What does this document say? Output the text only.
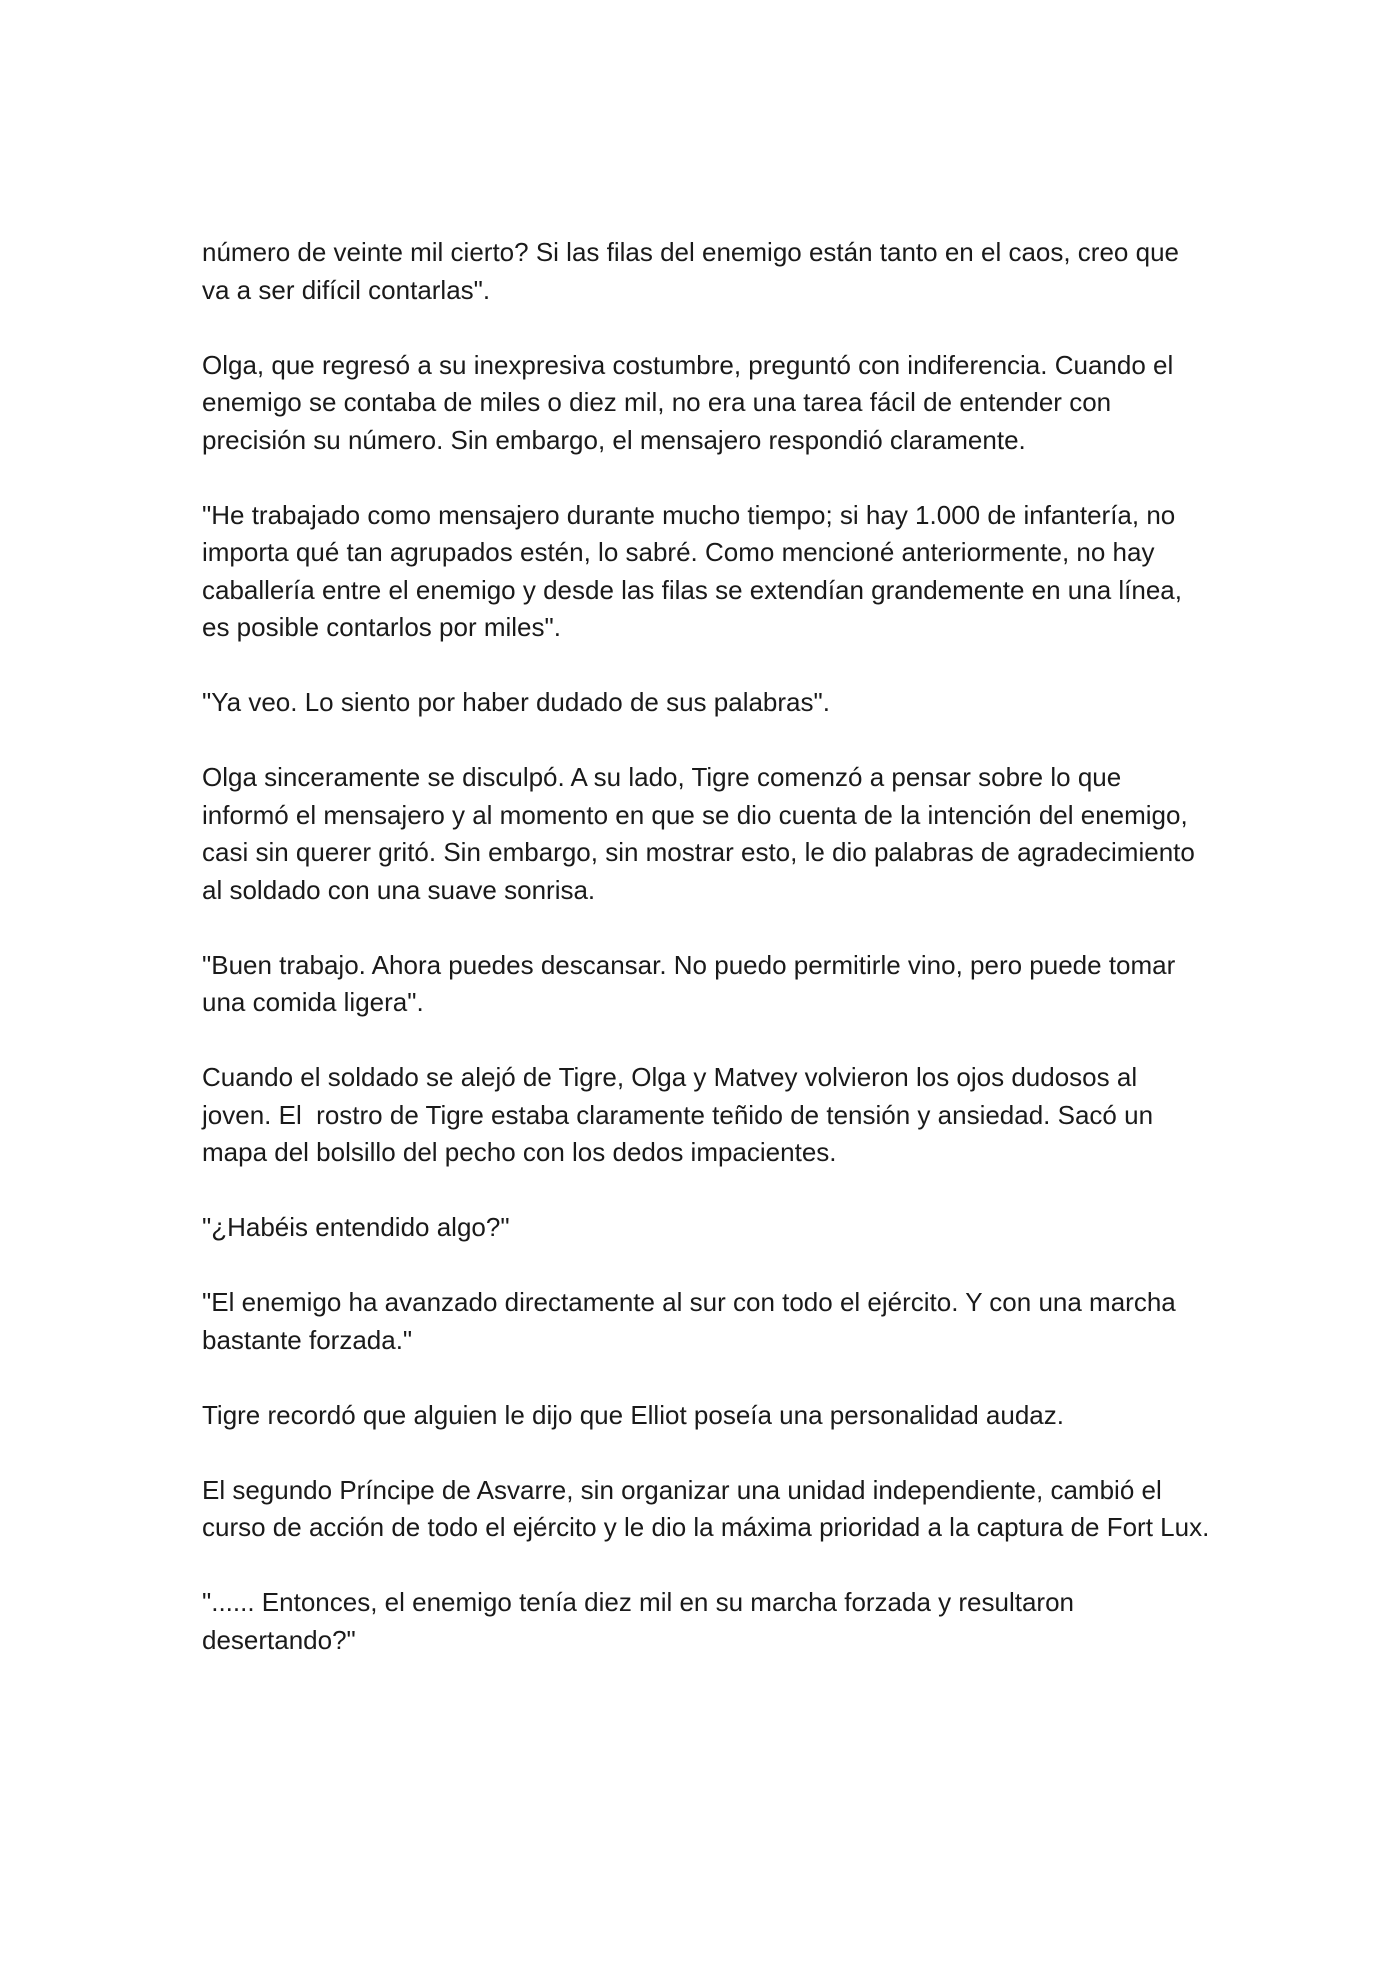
número de veinte mil cierto? Si las filas del enemigo están tanto en el caos, creo que va a ser difícil contarlas".

Olga, que regresó a su inexpresiva costumbre, preguntó con indiferencia. Cuando el enemigo se contaba de miles o diez mil, no era una tarea fácil de entender con precisión su número. Sin embargo, el mensajero respondió claramente.

"He trabajado como mensajero durante mucho tiempo; si hay 1.000 de infantería, no importa qué tan agrupados estén, lo sabré. Como mencioné anteriormente, no hay caballería entre el enemigo y desde las filas se extendían grandemente en una línea, es posible contarlos por miles".

"Ya veo. Lo siento por haber dudado de sus palabras".

Olga sinceramente se disculpó. A su lado, Tigre comenzó a pensar sobre lo que informó el mensajero y al momento en que se dio cuenta de la intención del enemigo, casi sin querer gritó. Sin embargo, sin mostrar esto, le dio palabras de agradecimiento al soldado con una suave sonrisa.

"Buen trabajo. Ahora puedes descansar. No puedo permitirle vino, pero puede tomar una comida ligera".

Cuando el soldado se alejó de Tigre, Olga y Matvey volvieron los ojos dudosos al joven. El  rostro de Tigre estaba claramente teñido de tensión y ansiedad. Sacó un mapa del bolsillo del pecho con los dedos impacientes.

"¿Habéis entendido algo?"

"El enemigo ha avanzado directamente al sur con todo el ejército. Y con una marcha bastante forzada."

Tigre recordó que alguien le dijo que Elliot poseía una personalidad audaz.

El segundo Príncipe de Asvarre, sin organizar una unidad independiente, cambió el curso de acción de todo el ejército y le dio la máxima prioridad a la captura de Fort Lux.

"...... Entonces, el enemigo tenía diez mil en su marcha forzada y resultaron desertando?"
